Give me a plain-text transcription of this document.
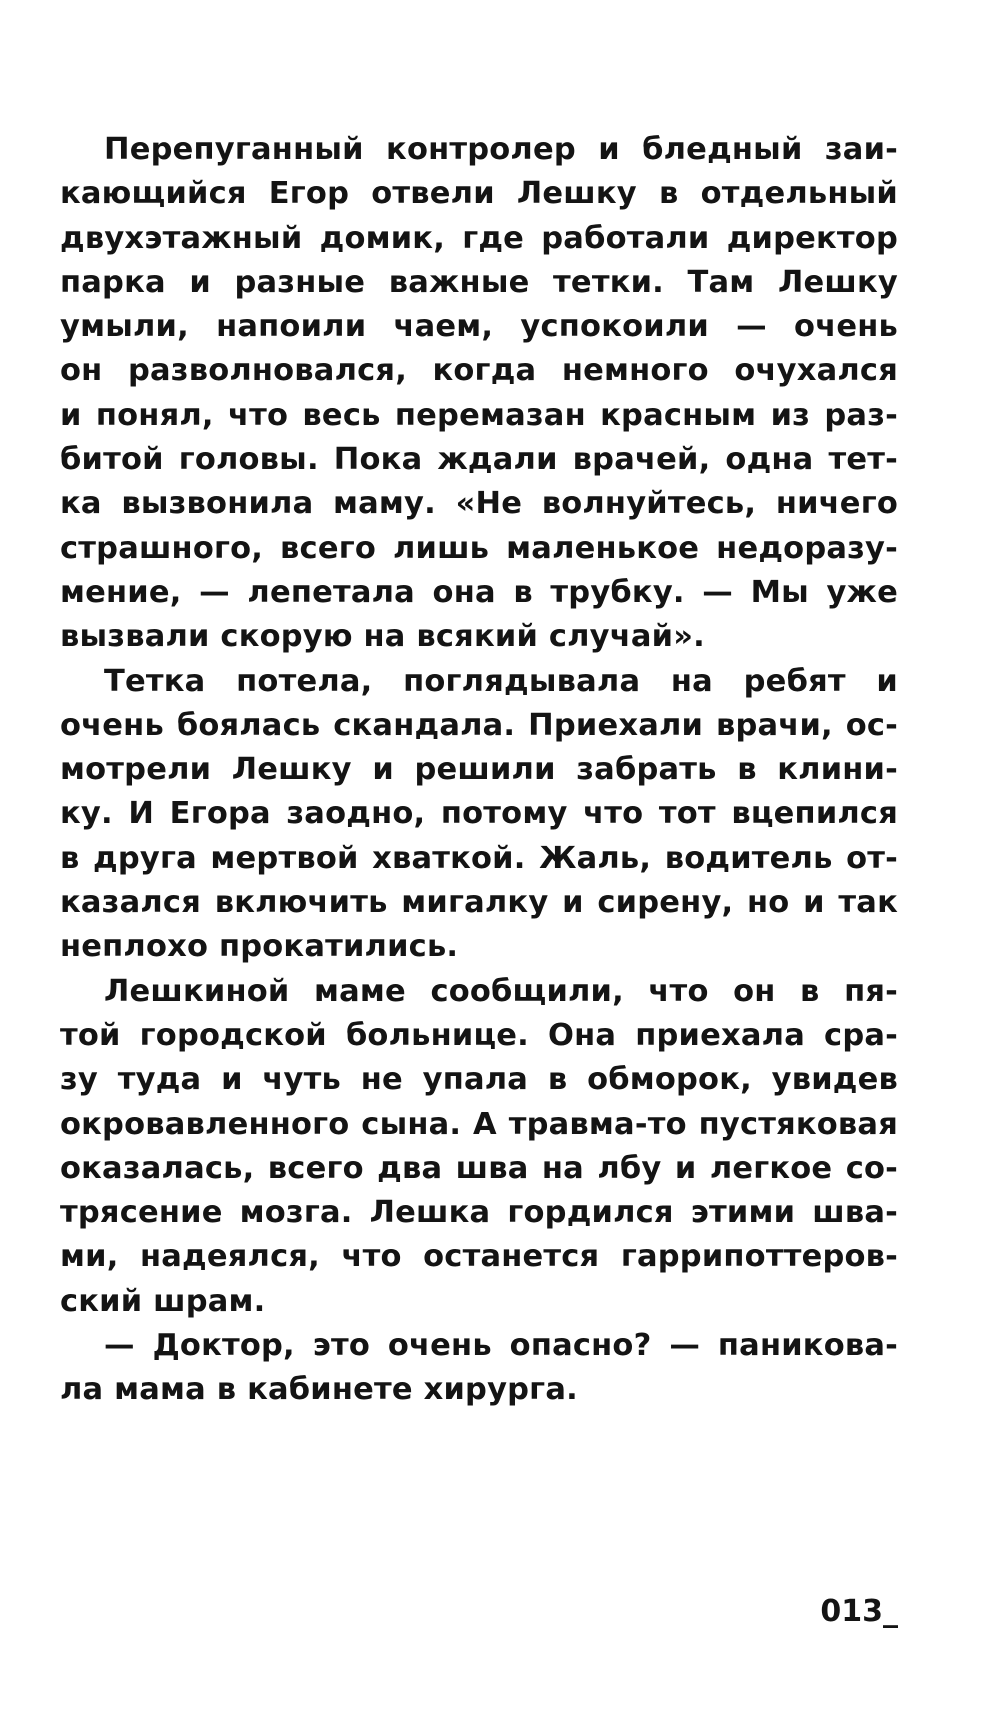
Перепуганный контролер и бледный заи-
кающийся Егор отвели Лешку в отдельный
двухэтажный домик, где работали директор
парка и разные важные тетки. Там Лешку
умыли, напоили чаем, успокоили — очень
он разволновался, когда немного очухался
и понял, что весь перемазан красным из раз-
битой головы. Пока ждали врачей, одна тет-
ка вызвонила маму. «Не волнуйтесь, ничего
страшного, всего лишь маленькое недоразу-
мение, — лепетала она в трубку. — Мы уже
вызвали скорую на всякий случай».

Тетка потела, поглядывала на ребят и
очень боялась скандала. Приехали врачи, ос-
мотрели Лешку и решили забрать в клини-
ку. И Егора заодно, потому что тот вцепился
в друга мертвой хваткой. Жаль, водитель от-
казался включить мигалку и сирену, но и так
неплохо прокатились.

Лешкиной маме сообщили, что он в пя-
той городской больнице. Она приехала сра-
зу туда и чуть не упала в обморок, увидев
окровавленного сына. А травма-то пустяковая
оказалась, всего два шва на лбу и легкое со-
трясение мозга. Лешка гордился этими шва-
ми, надеялся, что останется гаррипоттеров-
ский шрам.

— Доктор, это очень опасно? — паникова-
ла мама в кабинете хирурга.

013_
